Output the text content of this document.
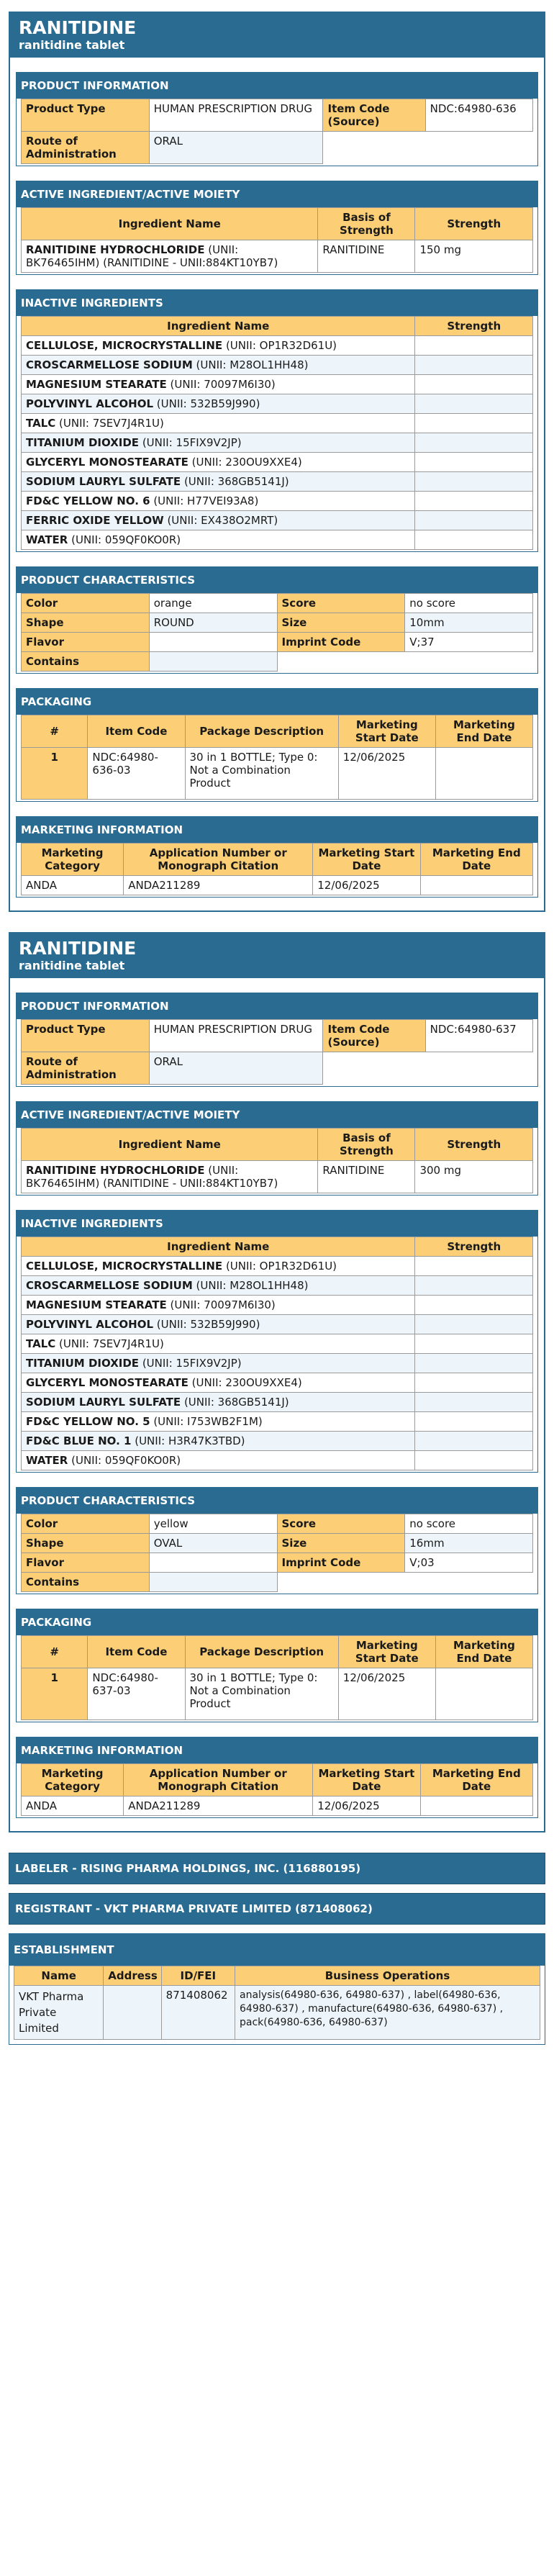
RANITIDINE
ranitidine tablet
PRODUCT INFORMATION
Product Type	HUMAN PRESCRIPTION DRUG	Item Code (Source)	NDC:64980-636
Route of Administration	ORAL		
ACTIVE INGREDIENT/ACTIVE MOIETY
Ingredient Name	Basis of Strength	Strength
RANITIDINE HYDROCHLORIDE (UNII: BK76465IHM) (RANITIDINE - UNII:884KT10YB7)	RANITIDINE	150 mg
INACTIVE INGREDIENTS
Ingredient Name	Strength
CELLULOSE, MICROCRYSTALLINE (UNII: OP1R32D61U)	
CROSCARMELLOSE SODIUM (UNII: M28OL1HH48)	
MAGNESIUM STEARATE (UNII: 70097M6I30)	
POLYVINYL ALCOHOL (UNII: 532B59J990)	
TALC (UNII: 7SEV7J4R1U)	
TITANIUM DIOXIDE (UNII: 15FIX9V2JP)	
GLYCERYL MONOSTEARATE (UNII: 230OU9XXE4)	
SODIUM LAURYL SULFATE (UNII: 368GB5141J)	
FD&C YELLOW NO. 6 (UNII: H77VEI93A8)	
FERRIC OXIDE YELLOW (UNII: EX438O2MRT)	
WATER (UNII: 059QF0KO0R)	
PRODUCT CHARACTERISTICS
Color	orange	Score	no score
Shape	ROUND	Size	10mm
Flavor		Imprint Code	V;37
Contains			
PACKAGING
#	Item Code	Package Description	Marketing Start Date	Marketing End Date
1	NDC:64980-636-03	30 in 1 BOTTLE; Type 0: Not a Combination Product	12/06/2025	
MARKETING INFORMATION
Marketing Category	Application Number or Monograph Citation	Marketing Start Date	Marketing End Date
ANDA	ANDA211289	12/06/2025	
RANITIDINE
ranitidine tablet
PRODUCT INFORMATION
Product Type	HUMAN PRESCRIPTION DRUG	Item Code (Source)	NDC:64980-637
Route of Administration	ORAL		
ACTIVE INGREDIENT/ACTIVE MOIETY
Ingredient Name	Basis of Strength	Strength
RANITIDINE HYDROCHLORIDE (UNII: BK76465IHM) (RANITIDINE - UNII:884KT10YB7)	RANITIDINE	300 mg
INACTIVE INGREDIENTS
Ingredient Name	Strength
CELLULOSE, MICROCRYSTALLINE (UNII: OP1R32D61U)	
CROSCARMELLOSE SODIUM (UNII: M28OL1HH48)	
MAGNESIUM STEARATE (UNII: 70097M6I30)	
POLYVINYL ALCOHOL (UNII: 532B59J990)	
TALC (UNII: 7SEV7J4R1U)	
TITANIUM DIOXIDE (UNII: 15FIX9V2JP)	
GLYCERYL MONOSTEARATE (UNII: 230OU9XXE4)	
SODIUM LAURYL SULFATE (UNII: 368GB5141J)	
FD&C YELLOW NO. 5 (UNII: I753WB2F1M)	
FD&C BLUE NO. 1 (UNII: H3R47K3TBD)	
WATER (UNII: 059QF0KO0R)	
PRODUCT CHARACTERISTICS
Color	yellow	Score	no score
Shape	OVAL	Size	16mm
Flavor		Imprint Code	V;03
Contains			
PACKAGING
#	Item Code	Package Description	Marketing Start Date	Marketing End Date
1	NDC:64980-637-03	30 in 1 BOTTLE; Type 0: Not a Combination Product	12/06/2025	
MARKETING INFORMATION
Marketing Category	Application Number or Monograph Citation	Marketing Start Date	Marketing End Date
ANDA	ANDA211289	12/06/2025	
LABELER - RISING PHARMA HOLDINGS, INC. (116880195)
REGISTRANT - VKT PHARMA PRIVATE LIMITED (871408062)
ESTABLISHMENT
Name	Address	ID/FEI	Business Operations
VKT Pharma Private Limited		871408062	analysis(64980-636, 64980-637) , label(64980-636, 64980-637) , manufacture(64980-636, 64980-637) , pack(64980-636, 64980-637)
